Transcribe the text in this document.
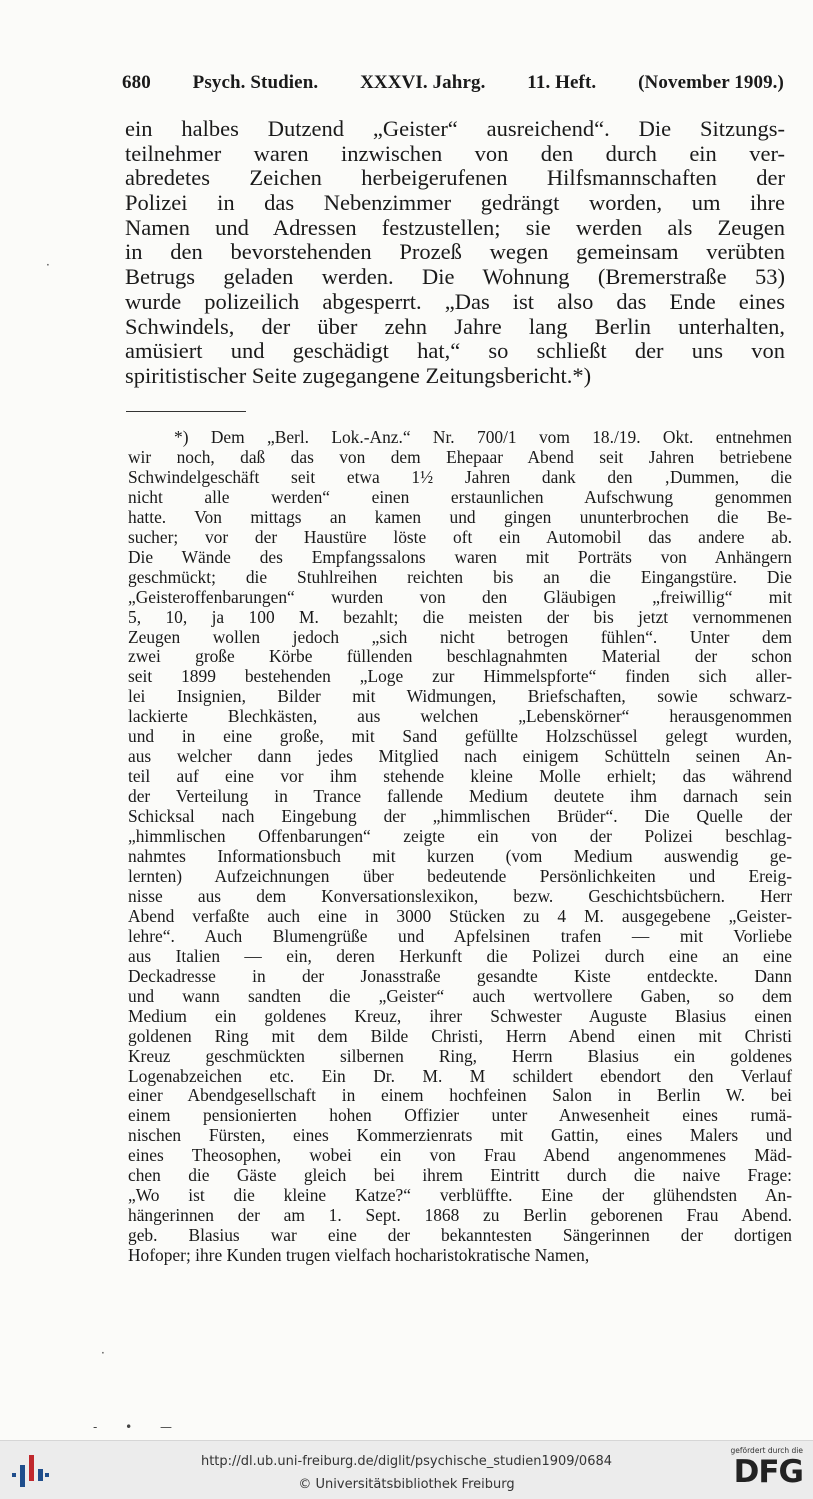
680 Psych. Studien. XXXVI. Jahrg. 11. Heft. (November 1909.)
ein halbes Dutzend „Geister“ ausreichend“. Die Sitzungs-
teilnehmer waren inzwischen von den durch ein ver-
abredetes Zeichen herbeigerufenen Hilfsmannschaften der
Polizei in das Nebenzimmer gedrängt worden, um ihre
Namen und Adressen festzustellen; sie werden als Zeugen
in den bevorstehenden Prozeß wegen gemeinsam verübten
Betrugs geladen werden. Die Wohnung (Bremerstraße 53)
wurde polizeilich abgesperrt. „Das ist also das Ende eines
Schwindels, der über zehn Jahre lang Berlin unterhalten,
amüsiert und geschädigt hat,“ so schließt der uns von
spiritistischer Seite zugegangene Zeitungsbericht.*)
*) Dem „Berl. Lok.-Anz.“ Nr. 700/1 vom 18./19. Okt. entnehmen
wir noch, daß das von dem Ehepaar Abend seit Jahren betriebene
Schwindelgeschäft seit etwa 1½ Jahren dank den ‚Dummen, die
nicht alle werden“ einen erstaunlichen Aufschwung genommen
hatte. Von mittags an kamen und gingen ununterbrochen die Be-
sucher; vor der Haustüre löste oft ein Automobil das andere ab.
Die Wände des Empfangssalons waren mit Porträts von Anhängern
geschmückt; die Stuhlreihen reichten bis an die Eingangstüre. Die
„Geisteroffenbarungen“ wurden von den Gläubigen „freiwillig“ mit
5, 10, ja 100 M. bezahlt; die meisten der bis jetzt vernommenen
Zeugen wollen jedoch „sich nicht betrogen fühlen“. Unter dem
zwei große Körbe füllenden beschlagnahmten Material der schon
seit 1899 bestehenden „Loge zur Himmelspforte“ finden sich aller-
lei Insignien, Bilder mit Widmungen, Briefschaften, sowie schwarz-
lackierte Blechkästen, aus welchen „Lebenskörner“ herausgenommen
und in eine große, mit Sand gefüllte Holzschüssel gelegt wurden,
aus welcher dann jedes Mitglied nach einigem Schütteln seinen An-
teil auf eine vor ihm stehende kleine Molle erhielt; das während
der Verteilung in Trance fallende Medium deutete ihm darnach sein
Schicksal nach Eingebung der „himmlischen Brüder“. Die Quelle der
„himmlischen Offenbarungen“ zeigte ein von der Polizei beschlag-
nahmtes Informationsbuch mit kurzen (vom Medium auswendig ge-
lernten) Aufzeichnungen über bedeutende Persönlichkeiten und Ereig-
nisse aus dem Konversationslexikon, bezw. Geschichtsbüchern. Herr
Abend verfaßte auch eine in 3000 Stücken zu 4 M. ausgegebene „Geister-
lehre“. Auch Blumengrüße und Apfelsinen trafen — mit Vorliebe
aus Italien — ein, deren Herkunft die Polizei durch eine an eine
Deckadresse in der Jonasstraße gesandte Kiste entdeckte. Dann
und wann sandten die „Geister“ auch wertvollere Gaben, so dem
Medium ein goldenes Kreuz, ihrer Schwester Auguste Blasius einen
goldenen Ring mit dem Bilde Christi, Herrn Abend einen mit Christi
Kreuz geschmückten silbernen Ring, Herrn Blasius ein goldenes
Logenabzeichen etc. Ein Dr. M. M schildert ebendort den Verlauf
einer Abendgesellschaft in einem hochfeinen Salon in Berlin W. bei
einem pensionierten hohen Offizier unter Anwesenheit eines rumä-
nischen Fürsten, eines Kommerzienrats mit Gattin, eines Malers und
eines Theosophen, wobei ein von Frau Abend angenommenes Mäd-
chen die Gäste gleich bei ihrem Eintritt durch die naive Frage:
„Wo ist die kleine Katze?“ verblüffte. Eine der glühendsten An-
hängerinnen der am 1. Sept. 1868 zu Berlin geborenen Frau Abend.
geb. Blasius war eine der bekanntesten Sängerinnen der dortigen
Hofoper; ihre Kunden trugen vielfach hocharistokratische Namen,
·
·
- • —
http://dl.ub.uni-freiburg.de/diglit/psychische_studien1909/0684
© Universitätsbibliothek Freiburg
gefördert durch die
DFG
